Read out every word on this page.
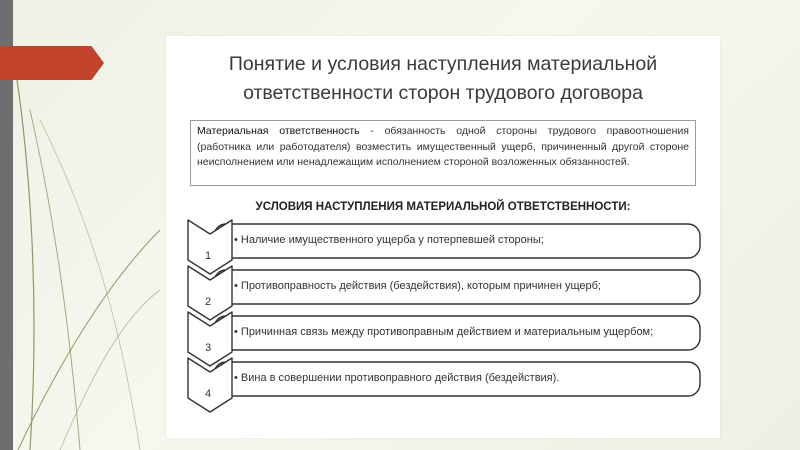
Понятие и условия наступления материальной
ответственности сторон трудового договора
Материальная ответственность - обязанность одной стороны трудового правоотношения (работника или работодателя) возместить имущественный ущерб, причиненный другой стороне неисполнением или ненадлежащим исполнением стороной возложенных обязанностей.
УСЛОВИЯ НАСТУПЛЕНИЯ МАТЕРИАЛЬНОЙ ОТВЕТСТВЕННОСТИ:
1
• Наличие имущественного ущерба у потерпевшей стороны;
2
• Противоправность действия (бездействия), которым причинен ущерб;
3
• Причинная связь между противоправным действием и материальным ущербом;
4
• Вина в совершении противоправного действия (бездействия).
